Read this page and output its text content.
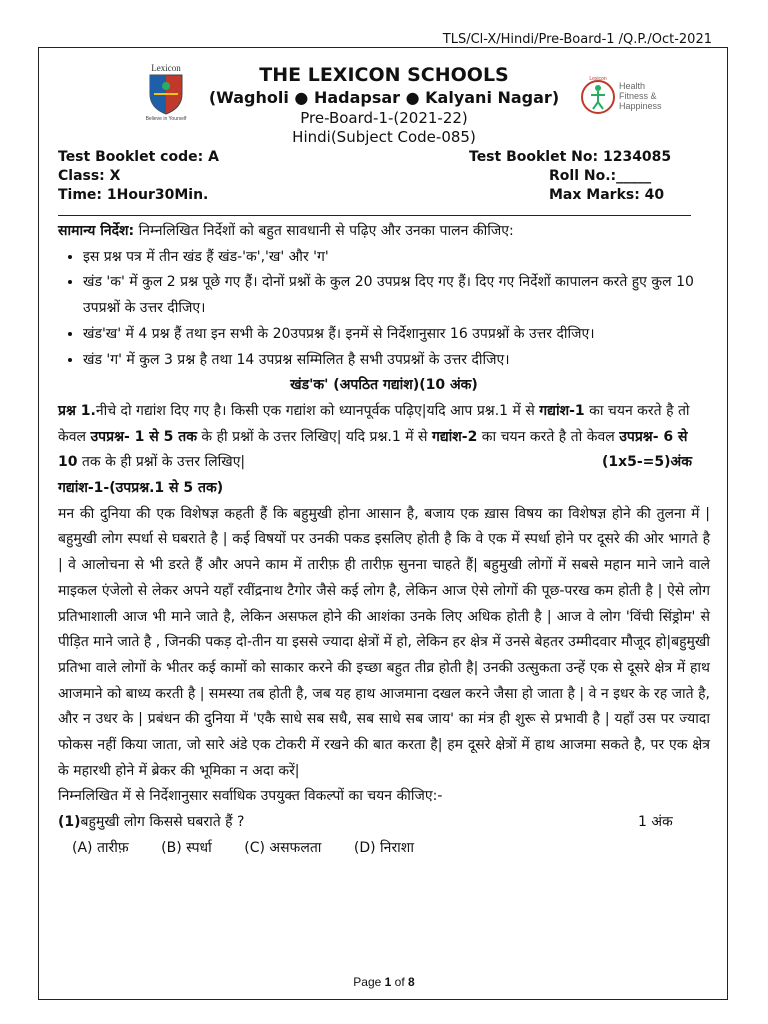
TLS/Cl-X/Hindi/Pre-Board-1 /Q.P./Oct-2021
Lexicon
Believe in Yourself
THE LEXICON SCHOOLS
(Wagholi ● Hadapsar ● Kalyani Nagar)
Pre-Board-1-(2021-22)
Hindi(Subject Code-085)
Lexicon
Health
Fitness &
Happiness
Test Booklet code: A
Class: X
Time: 1Hour30Min.
Test Booklet No: 1234085
Roll No.:_____
Max Marks: 40

सामान्य निर्देश: निम्नलिखित निर्देशों को बहुत सावधानी से पढ़िए और उनका पालन कीजिए:

• इस प्रश्न पत्र में तीन खंड हैं खंड-'क','ख' और 'ग'
• खंड 'क' में कुल 2 प्रश्न पूछे गए हैं। दोनों प्रश्नों के कुल 20 उपप्रश्न दिए गए हैं। दिए गए निर्देशों कापालन करते हुए कुल 10 उपप्रश्नों के उत्तर दीजिए।
• खंड'ख' में 4 प्रश्न हैं तथा इन सभी के 20उपप्रश्न हैं। इनमें से निर्देशानुसार 16 उपप्रश्नों के उत्तर दीजिए।
• खंड 'ग' में कुल 3 प्रश्न है तथा 14 उपप्रश्न सम्मिलित है सभी उपप्रश्नों के उत्तर दीजिए।
खंड'क' (अपठित गद्यांश)(10 अंक)

प्रश्न 1.नीचे दो गद्यांश दिए गए है। किसी एक गद्यांश को ध्यानपूर्वक पढ़िए|यदि आप प्रश्न.1 में से गद्यांश-1 का चयन करते है तो केवल उपप्रश्न- 1 से 5 तक के ही प्रश्नों के उत्तर लिखिए| यदि प्रश्न.1 में से गद्यांश-2 का चयन करते है तो केवल उपप्रश्न- 6 से 10 तक के ही प्रश्नों के उत्तर लिखिए|	(1x5-=5)अंक

गद्यांश-1-(उपप्रश्न.1 से 5 तक)

मन की दुनिया की एक विशेषज्ञ कहती हैं कि बहुमुखी होना आसान है, बजाय एक ख़ास विषय का विशेषज्ञ होने की तुलना में | बहुमुखी लोग स्पर्धा से घबराते है | कई विषयों पर उनकी पकड इसलिए होती है कि वे एक में स्पर्धा होने पर दूसरे की ओर भागते है | वे आलोचना से भी डरते हैं और अपने काम में तारीफ़ ही तारीफ़ सुनना चाहते हैं| बहुमुखी लोगों में सबसे महान माने जाने वाले माइकल एंजेलो से लेकर अपने यहाँ रवींद्रनाथ टैगोर जैसे कई लोग है, लेकिन आज ऐसे लोगों की पूछ-परख कम होती है | ऐसे लोग प्रतिभाशाली आज भी माने जाते है, लेकिन असफल होने की आशंका उनके लिए अधिक होती है | आज वे लोग 'विंची सिंड्रोम' से पीड़ित माने जाते है , जिनकी पकड़ दो-तीन या इससे ज्यादा क्षेत्रों में हो, लेकिन हर क्षेत्र में उनसे बेहतर उम्मीदवार मौजूद हो|बहुमुखी प्रतिभा वाले लोगों के भीतर कई कामों को साकार करने की इच्छा बहुत तीव्र होती है| उनकी उत्सुकता उन्हें एक से दूसरे क्षेत्र में हाथ आजमाने को बाध्य करती है | समस्या तब होती है, जब यह हाथ आजमाना दखल करने जैसा हो जाता है | वे न इधर के रह जाते है, और न उधर के | प्रबंधन की दुनिया में 'एकै साधे सब सधै, सब साधे सब जाय' का मंत्र ही शुरू से प्रभावी है | यहाँ उस पर ज्यादा फोकस नहीं किया जाता, जो सारे अंडे एक टोकरी में रखने की बात करता है| हम दूसरे क्षेत्रों में हाथ आजमा सकते है, पर एक क्षेत्र के महारथी होने में ब्रेकर की भूमिका न अदा करें|

निम्नलिखित में से निर्देशानुसार सर्वाधिक उपयुक्त विकल्पों का चयन कीजिए:-
(1)बहुमुखी लोग किससे घबराते हैं ?	1 अंक
(A) तारीफ़ (B) स्पर्धा (C) असफलता (D) निराशा
Page 1 of 8
